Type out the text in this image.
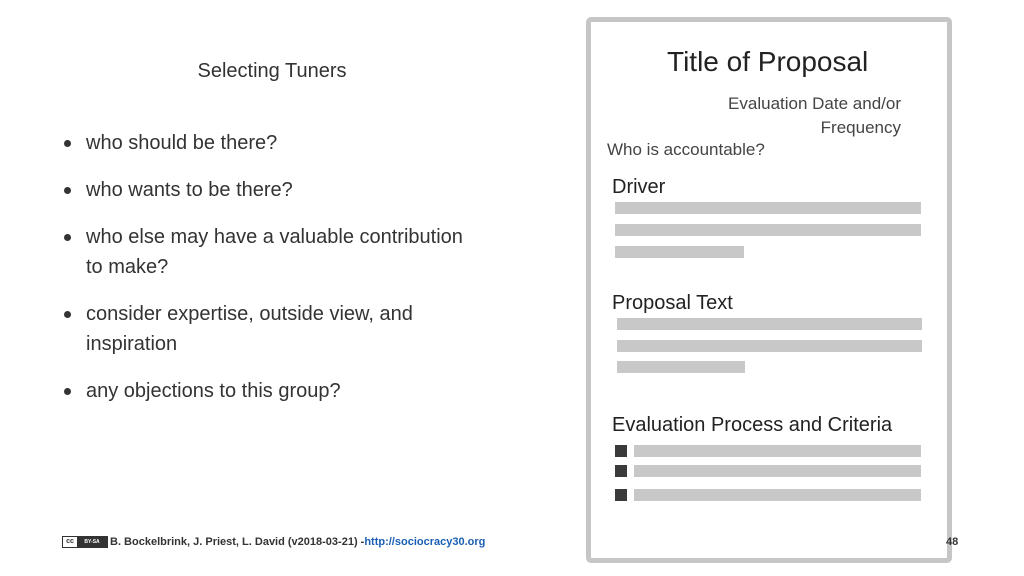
Selecting Tuners
who should be there?
who wants to be there?
who else may have a valuable contribution to make?
consider expertise, outside view, and inspiration
any objections to this group?
Title of Proposal
Evaluation Date and/or Frequency
Who is accountable?
Driver
Proposal Text
Evaluation Process and Criteria
cc	BY-SA B. Bockelbrink, J. Priest, L. David (v2018-03-21) - http://sociocracy30.org	48
